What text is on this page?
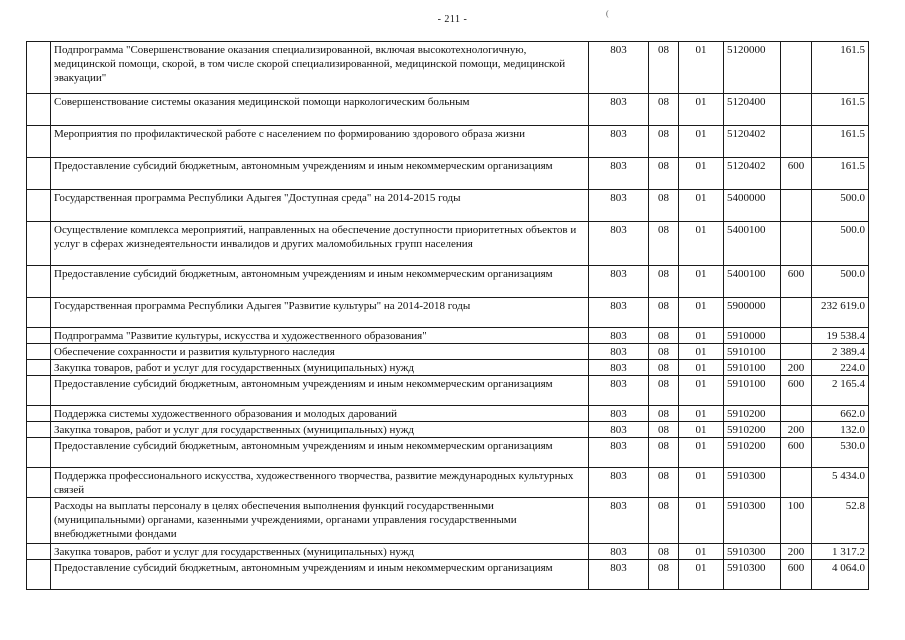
- 211 -
(
	Подпрограмма "Совершенствование оказания специализированной, включая высокотехнологичную, медицинской помощи, скорой, в том числе скорой специализированной, медицинской помощи, медицинской эвакуации"	803	08	01	5120000		161.5
	Совершенствование системы оказания медицинской помощи наркологическим больным	803	08	01	5120400		161.5
	Мероприятия по профилактической работе с населением по формированию здорового образа жизни	803	08	01	5120402		161.5
	Предоставление субсидий бюджетным, автономным учреждениям и иным некоммерческим организациям	803	08	01	5120402	600	161.5
	Государственная программа Республики Адыгея "Доступная среда" на 2014-2015 годы	803	08	01	5400000		500.0
	Осуществление комплекса мероприятий, направленных на обеспечение доступности приоритетных объектов и услуг в сферах жизнедеятельности инвалидов и других маломобильных групп населения	803	08	01	5400100		500.0
	Предоставление субсидий бюджетным, автономным учреждениям и иным некоммерческим организациям	803	08	01	5400100	600	500.0
	Государственная программа Республики Адыгея "Развитие культуры" на 2014-2018 годы	803	08	01	5900000		232 619.0
	Подпрограмма "Развитие культуры, искусства и художественного образования"	803	08	01	5910000		19 538.4
	Обеспечение сохранности и развития культурного наследия	803	08	01	5910100		2 389.4
	Закупка товаров, работ и услуг для государственных (муниципальных) нужд	803	08	01	5910100	200	224.0
	Предоставление субсидий бюджетным, автономным учреждениям и иным некоммерческим организациям	803	08	01	5910100	600	2 165.4
	Поддержка системы художественного образования и молодых дарований	803	08	01	5910200		662.0
	Закупка товаров, работ и услуг для государственных (муниципальных) нужд	803	08	01	5910200	200	132.0
	Предоставление субсидий бюджетным, автономным учреждениям и иным некоммерческим организациям	803	08	01	5910200	600	530.0
	Поддержка профессионального искусства, художественного творчества, развитие международных культурных связей	803	08	01	5910300		5 434.0
	Расходы на выплаты персоналу в целях обеспечения выполнения функций государственными (муниципальными) органами, казенными учреждениями, органами управления государственными внебюджетными фондами	803	08	01	5910300	100	52.8
	Закупка товаров, работ и услуг для государственных (муниципальных) нужд	803	08	01	5910300	200	1 317.2
	Предоставление субсидий бюджетным, автономным учреждениям и иным некоммерческим организациям	803	08	01	5910300	600	4 064.0
